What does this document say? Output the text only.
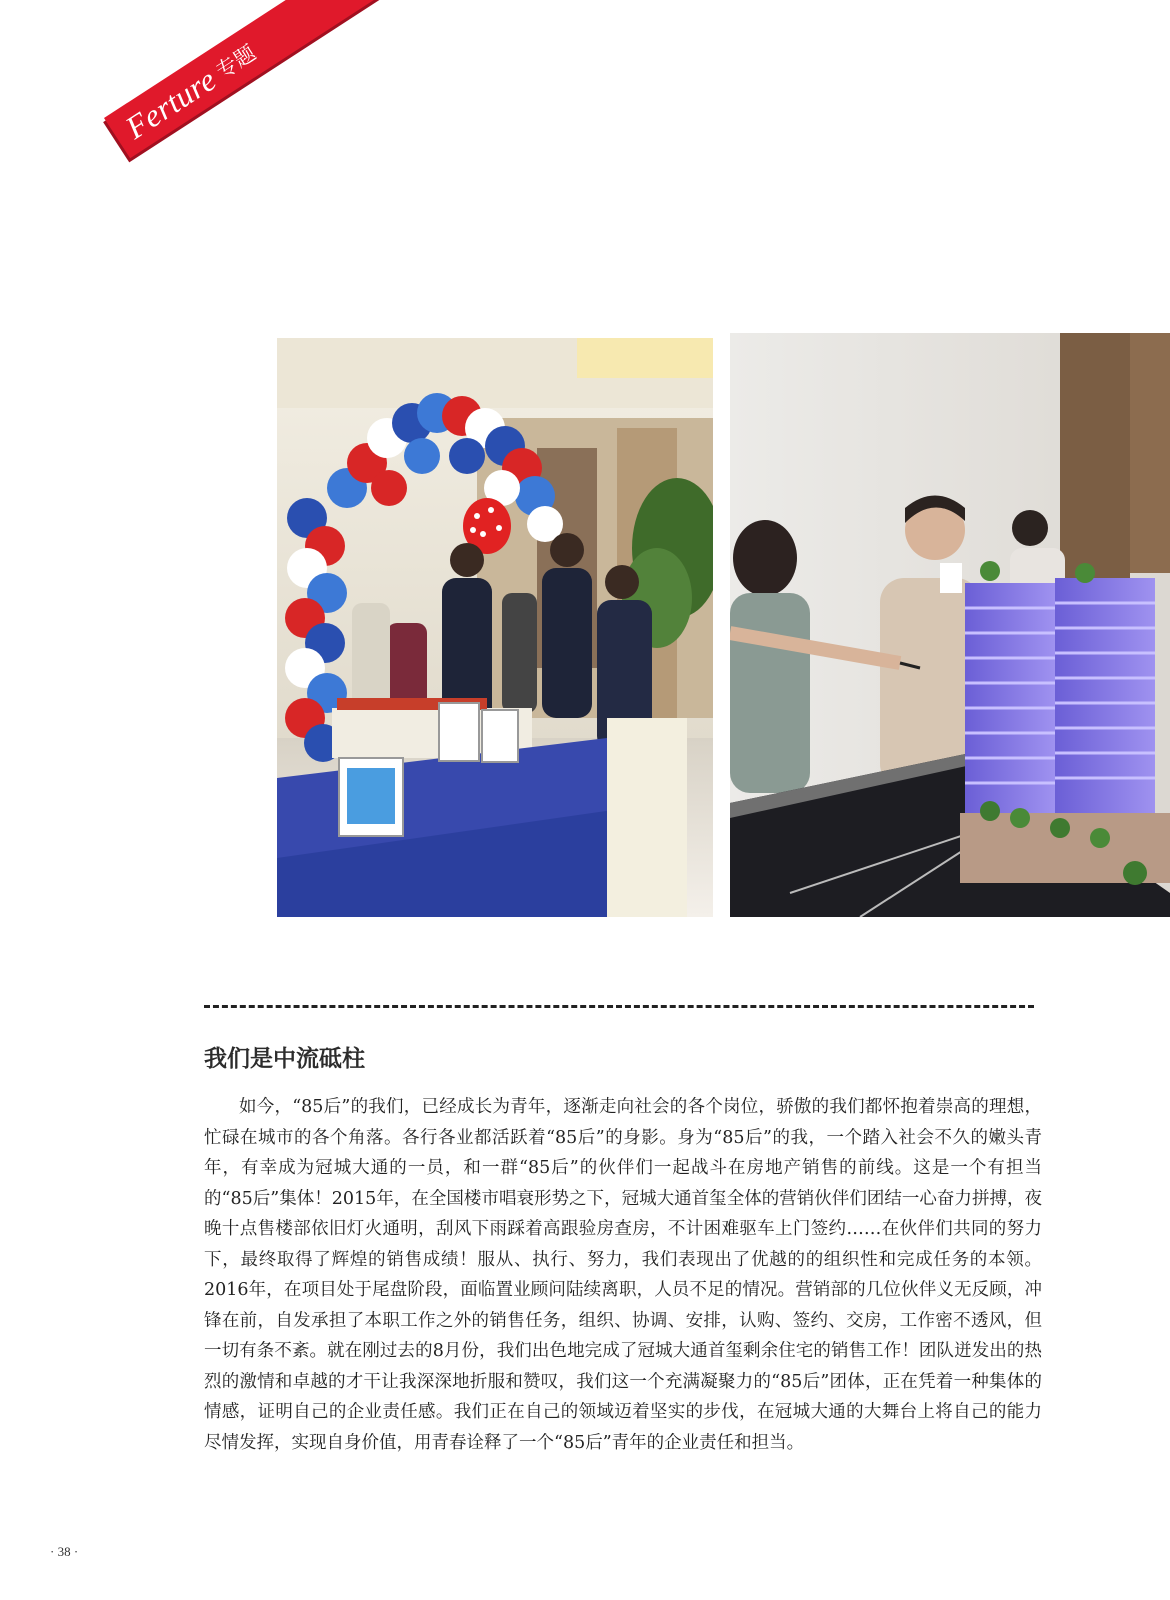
Ferture
专题
我们是中流砥柱

如今，“85后”的我们，已经成长为青年，逐渐走向社会的各个岗位，骄傲的我们都怀抱着崇高的理想，忙碌在城市的各个角落。各行各业都活跃着“85后”的身影。身为“85后”的我，一个踏入社会不久的嫩头青年，有幸成为冠城大通的一员，和一群“85后”的伙伴们一起战斗在房地产销售的前线。这是一个有担当的“85后”集体！2015年，在全国楼市唱衰形势之下，冠城大通首玺全体的营销伙伴们团结一心奋力拼搏，夜晚十点售楼部依旧灯火通明，刮风下雨踩着高跟验房查房，不计困难驱车上门签约……在伙伴们共同的努力下，最终取得了辉煌的销售成绩！服从、执行、努力，我们表现出了优越的的组织性和完成任务的本领。2016年，在项目处于尾盘阶段，面临置业顾问陆续离职，人员不足的情况。营销部的几位伙伴义无反顾，冲锋在前，自发承担了本职工作之外的销售任务，组织、协调、安排，认购、签约、交房，工作密不透风，但一切有条不紊。就在刚过去的8月份，我们出色地完成了冠城大通首玺剩余住宅的销售工作！团队迸发出的热烈的激情和卓越的才干让我深深地折服和赞叹，我们这一个充满凝聚力的“85后”团体，正在凭着一种集体的情感，证明自己的企业责任感。我们正在自己的领域迈着坚实的步伐，在冠城大通的大舞台上将自己的能力尽情发挥，实现自身价值，用青春诠释了一个“85后”青年的企业责任和担当。

· 38 ·
